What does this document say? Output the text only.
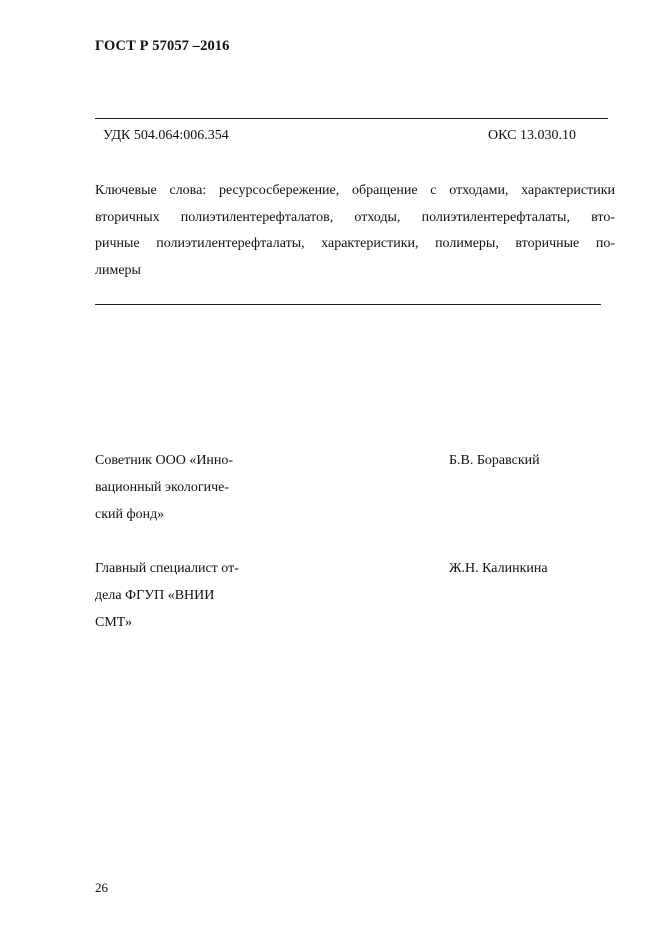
ГОСТ Р 57057 –2016
УДК 504.064:006.354	ОКС 13.030.10
Ключевые слова: ресурсосбережение, обращение с отходами, характеристики
вторичных полиэтилентерефталатов, отходы, полиэтилентерефталаты, вто-
ричные полиэтилентерефталаты, характеристики, полимеры, вторичные по-
лимеры
Советник ООО «Инно-
вационный экологиче-
ский фонд»
Б.В. Боравский
Главный специалист от-
дела ФГУП «ВНИИ
СМТ»
Ж.Н. Калинкина
26
